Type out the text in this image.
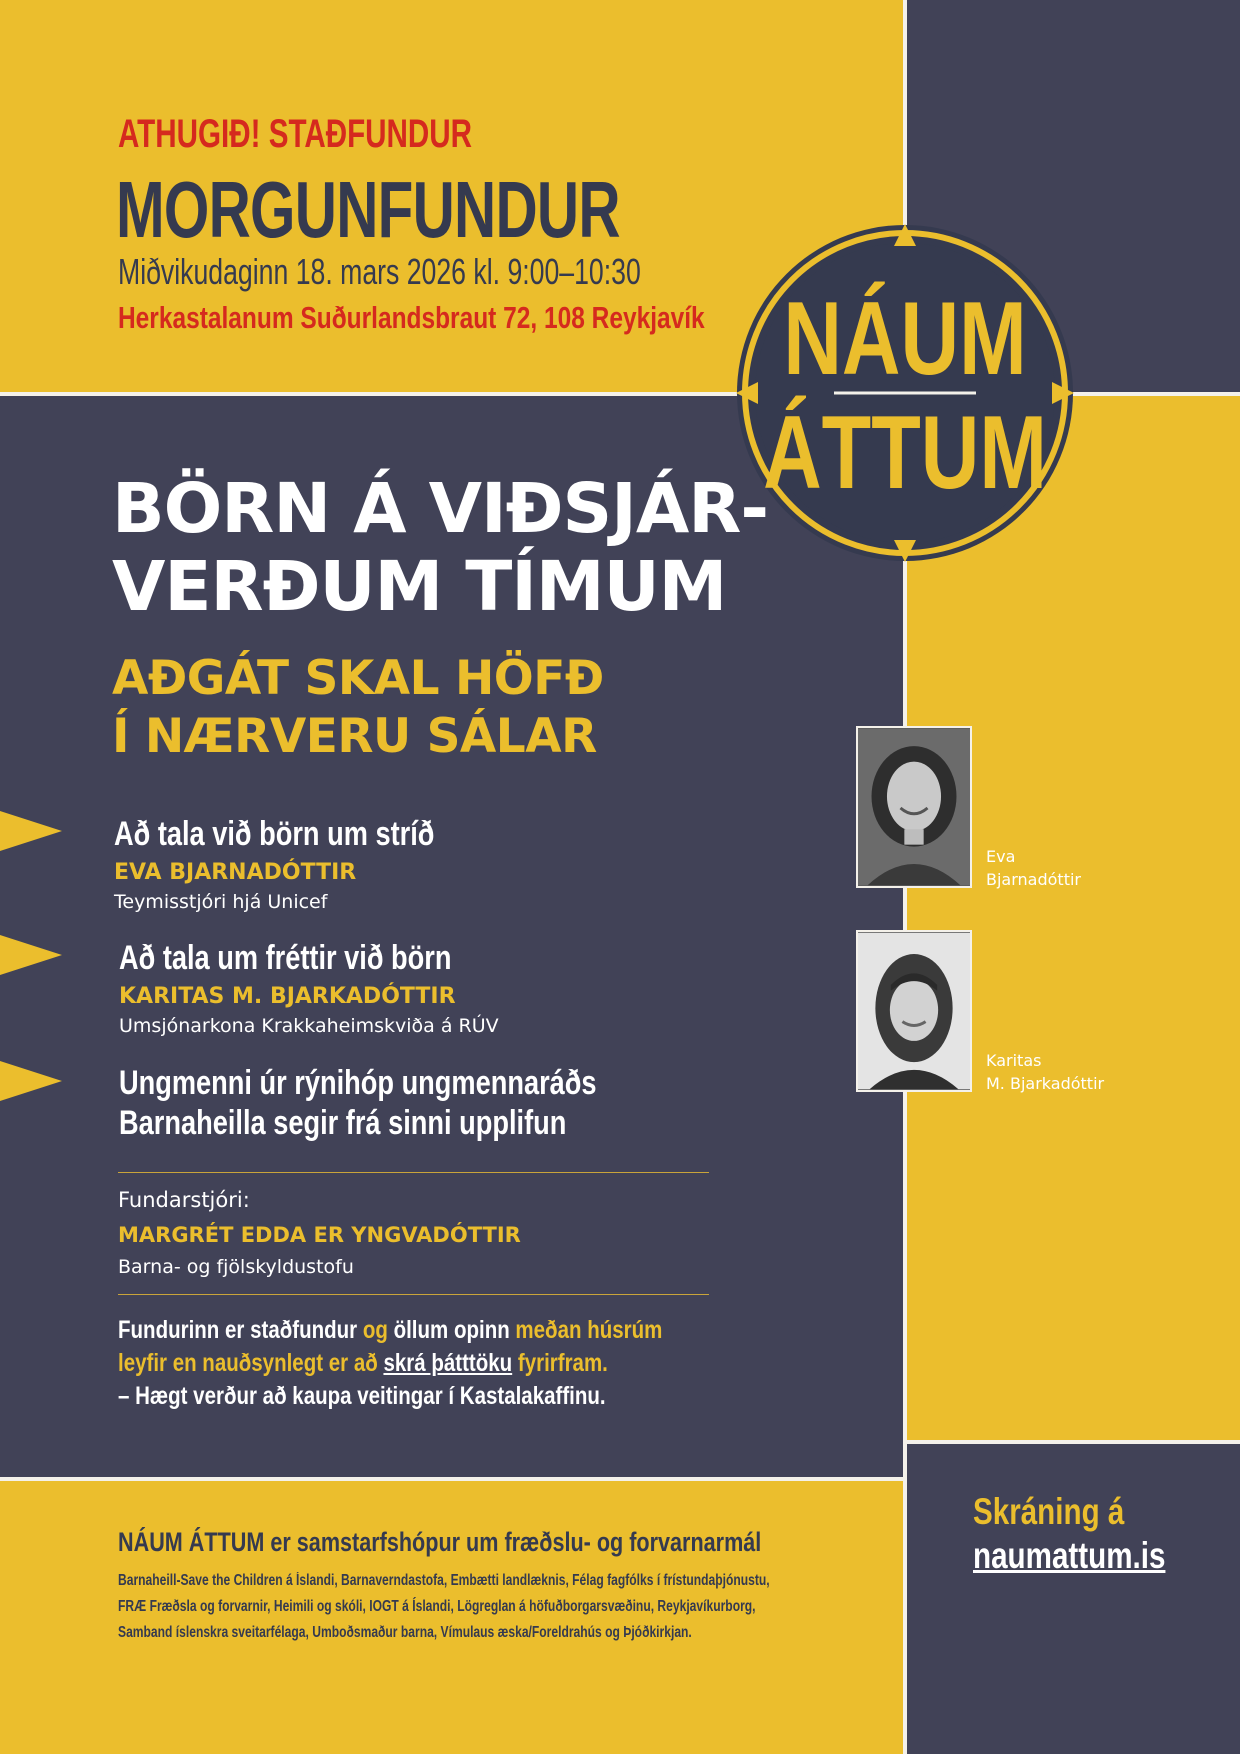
ATHUGIÐ! STAÐFUNDUR
MORGUNFUNDUR
Miðvikudaginn 18. mars 2026 kl. 9:00–10:30
Herkastalanum Suðurlandsbraut 72, 108 Reykjavík NÁUM
ÁTTUM
BÖRN Á VIÐSJÁR-
VERÐUM TÍMUM
AÐGÁT SKAL HÖFÐ
Í NÆRVERU SÁLAR
Að tala við börn um stríð
EVA BJARNADÓTTIR
Teymisstjóri hjá Unicef
Að tala um fréttir við börn
KARITAS M. BJARKADÓTTIR
Umsjónarkona Krakkaheimskviða á RÚV
Ungmenni úr rýnihóp ungmennaráðs
Barnaheilla segir frá sinni upplifun
Fundarstjóri:
MARGRÉT EDDA ER YNGVADÓTTIR
Barna- og fjölskyldustofu
Fundurinn er staðfundur og öllum opinn meðan húsrúm
leyfir en nauðsynlegt er að skrá þátttöku fyrirfram.
– Hægt verður að kaupa veitingar í Kastalakaffinu.
Eva
Bjarnadóttir
Karitas
M. Bjarkadóttir
Skráning á
naumattum.is
NÁUM ÁTTUM er samstarfshópur um fræðslu- og forvarnarmál
Barnaheill-Save the Children á Íslandi, Barnaverndastofa, Embætti landlæknis, Félag fagfólks í frístundaþjónustu, FRÆ Fræðsla og forvarnir, Heimili og skóli, IOGT á Íslandi, Lögreglan á höfuðborgarsvæðinu, Reykjavíkurborg, Samband íslenskra sveitarfélaga, Umboðsmaður barna, Vímulaus æska/Foreldrahús og Þjóðkirkjan.
